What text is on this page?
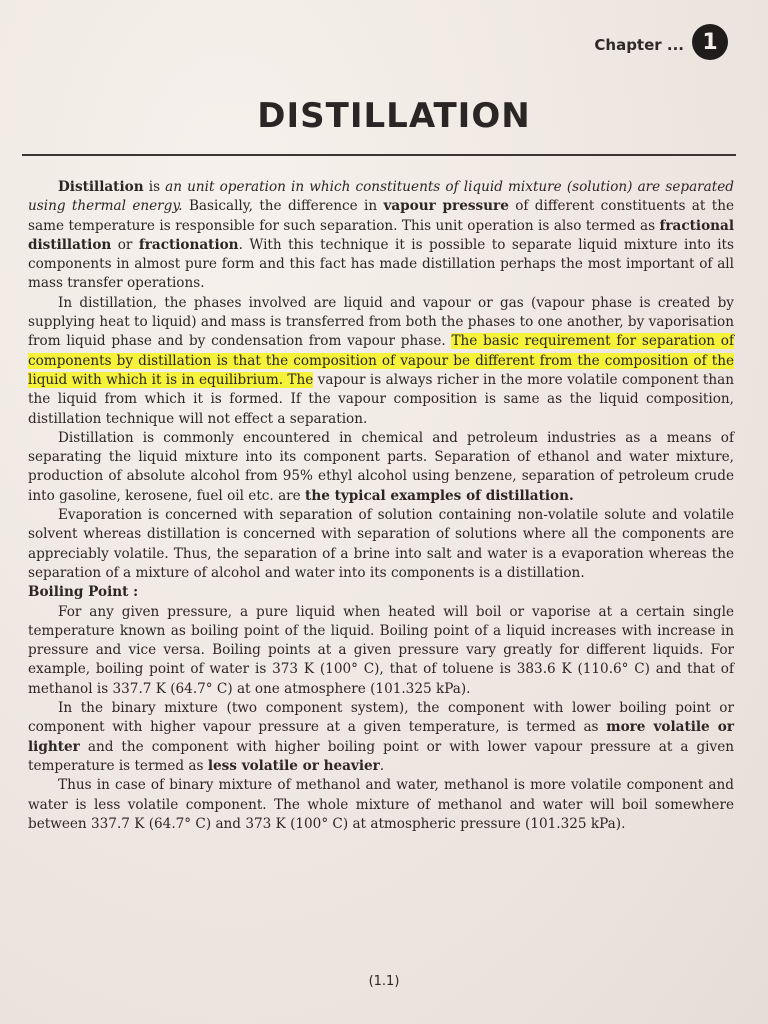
Chapter ... 1
DISTILLATION

Distillation is an unit operation in which constituents of liquid mixture (solution) are separated using thermal energy. Basically, the difference in vapour pressure of different constituents at the same temperature is responsible for such separation. This unit operation is also termed as fractional distillation or fractionation. With this technique it is possible to separate liquid mixture into its components in almost pure form and this fact has made distillation perhaps the most important of all mass transfer operations.

In distillation, the phases involved are liquid and vapour or gas (vapour phase is created by supplying heat to liquid) and mass is transferred from both the phases to one another, by vaporisation from liquid phase and by condensation from vapour phase. The basic requirement for separation of components by distillation is that the composition of vapour be different from the composition of the liquid with which it is in equilibrium. The vapour is always richer in the more volatile component than the liquid from which it is formed. If the vapour composition is same as the liquid composition, distillation technique will not effect a separation.

Distillation is commonly encountered in chemical and petroleum industries as a means of separating the liquid mixture into its component parts. Separation of ethanol and water mixture, production of absolute alcohol from 95% ethyl alcohol using benzene, separation of petroleum crude into gasoline, kerosene, fuel oil etc. are the typical examples of distillation.

Evaporation is concerned with separation of solution containing non-volatile solute and volatile solvent whereas distillation is concerned with separation of solutions where all the components are appreciably volatile. Thus, the separation of a brine into salt and water is a evaporation whereas the separation of a mixture of alcohol and water into its components is a distillation.

Boiling Point :

For any given pressure, a pure liquid when heated will boil or vaporise at a certain single temperature known as boiling point of the liquid. Boiling point of a liquid increases with increase in pressure and vice versa. Boiling points at a given pressure vary greatly for different liquids. For example, boiling point of water is 373 K (100° C), that of toluene is 383.6 K (110.6° C) and that of methanol is 337.7 K (64.7° C) at one atmosphere (101.325 kPa).

In the binary mixture (two component system), the component with lower boiling point or component with higher vapour pressure at a given temperature, is termed as more volatile or lighter and the component with higher boiling point or with lower vapour pressure at a given temperature is termed as less volatile or heavier.

Thus in case of binary mixture of methanol and water, methanol is more volatile component and water is less volatile component. The whole mixture of methanol and water will boil somewhere between 337.7 K (64.7° C) and 373 K (100° C) at atmospheric pressure (101.325 kPa).

(1.1)
